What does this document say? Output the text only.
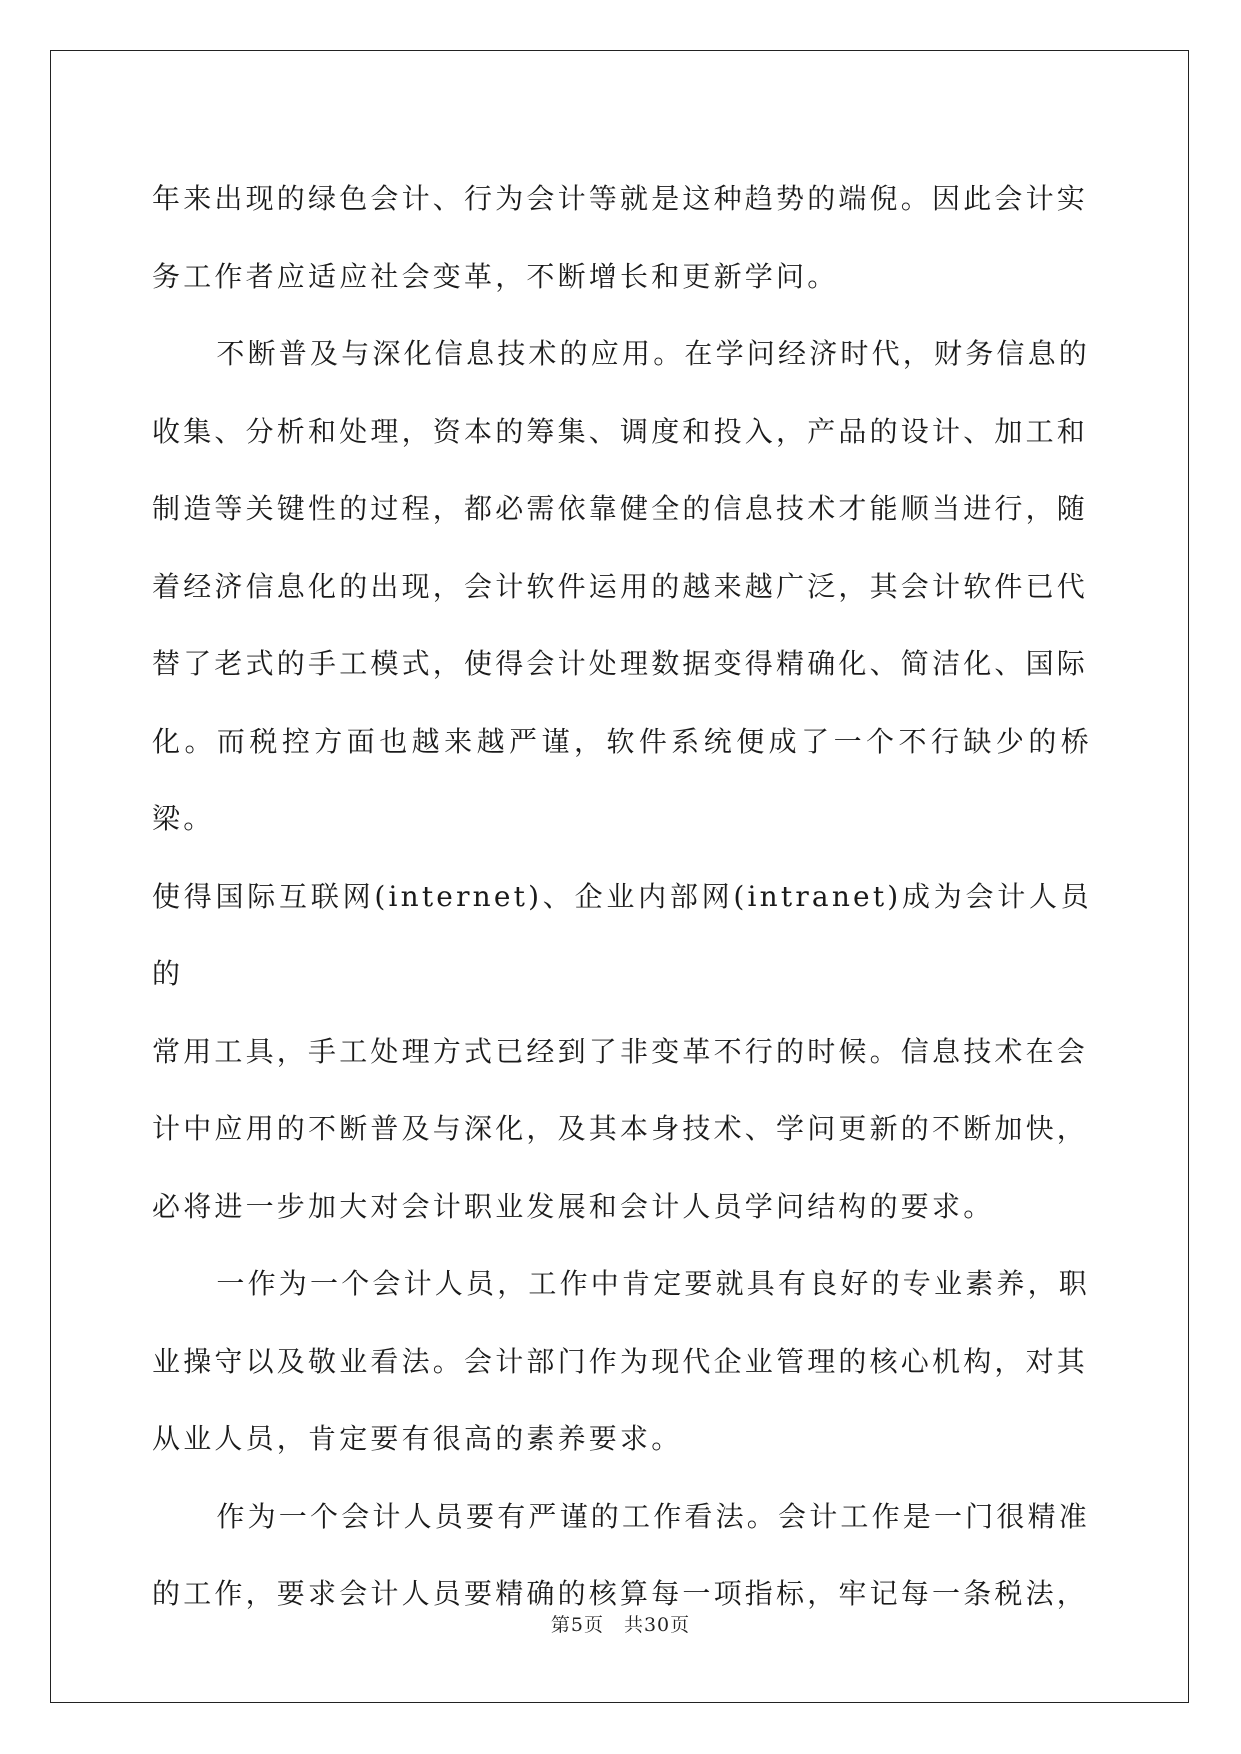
年来出现的绿色会计、行为会计等就是这种趋势的端倪。因此会计实
务工作者应适应社会变革，不断增长和更新学问。

不断普及与深化信息技术的应用。在学问经济时代，财务信息的
收集、分析和处理，资本的筹集、调度和投入，产品的设计、加工和
制造等关键性的过程，都必需依靠健全的信息技术才能顺当进行，随
着经济信息化的出现，会计软件运用的越来越广泛，其会计软件已代
替了老式的手工模式，使得会计处理数据变得精确化、简洁化、国际
化。而税控方面也越来越严谨，软件系统便成了一个不行缺少的桥梁。
使得国际互联网(internet)、企业内部网(intranet)成为会计人员的
常用工具，手工处理方式已经到了非变革不行的时候。信息技术在会
计中应用的不断普及与深化，及其本身技术、学问更新的不断加快，
必将进一步加大对会计职业发展和会计人员学问结构的要求。

一作为一个会计人员，工作中肯定要就具有良好的专业素养，职
业操守以及敬业看法。会计部门作为现代企业管理的核心机构，对其
从业人员，肯定要有很高的素养要求。

作为一个会计人员要有严谨的工作看法。会计工作是一门很精准
的工作，要求会计人员要精确的核算每一项指标，牢记每一条税法，

第5页　共30页
